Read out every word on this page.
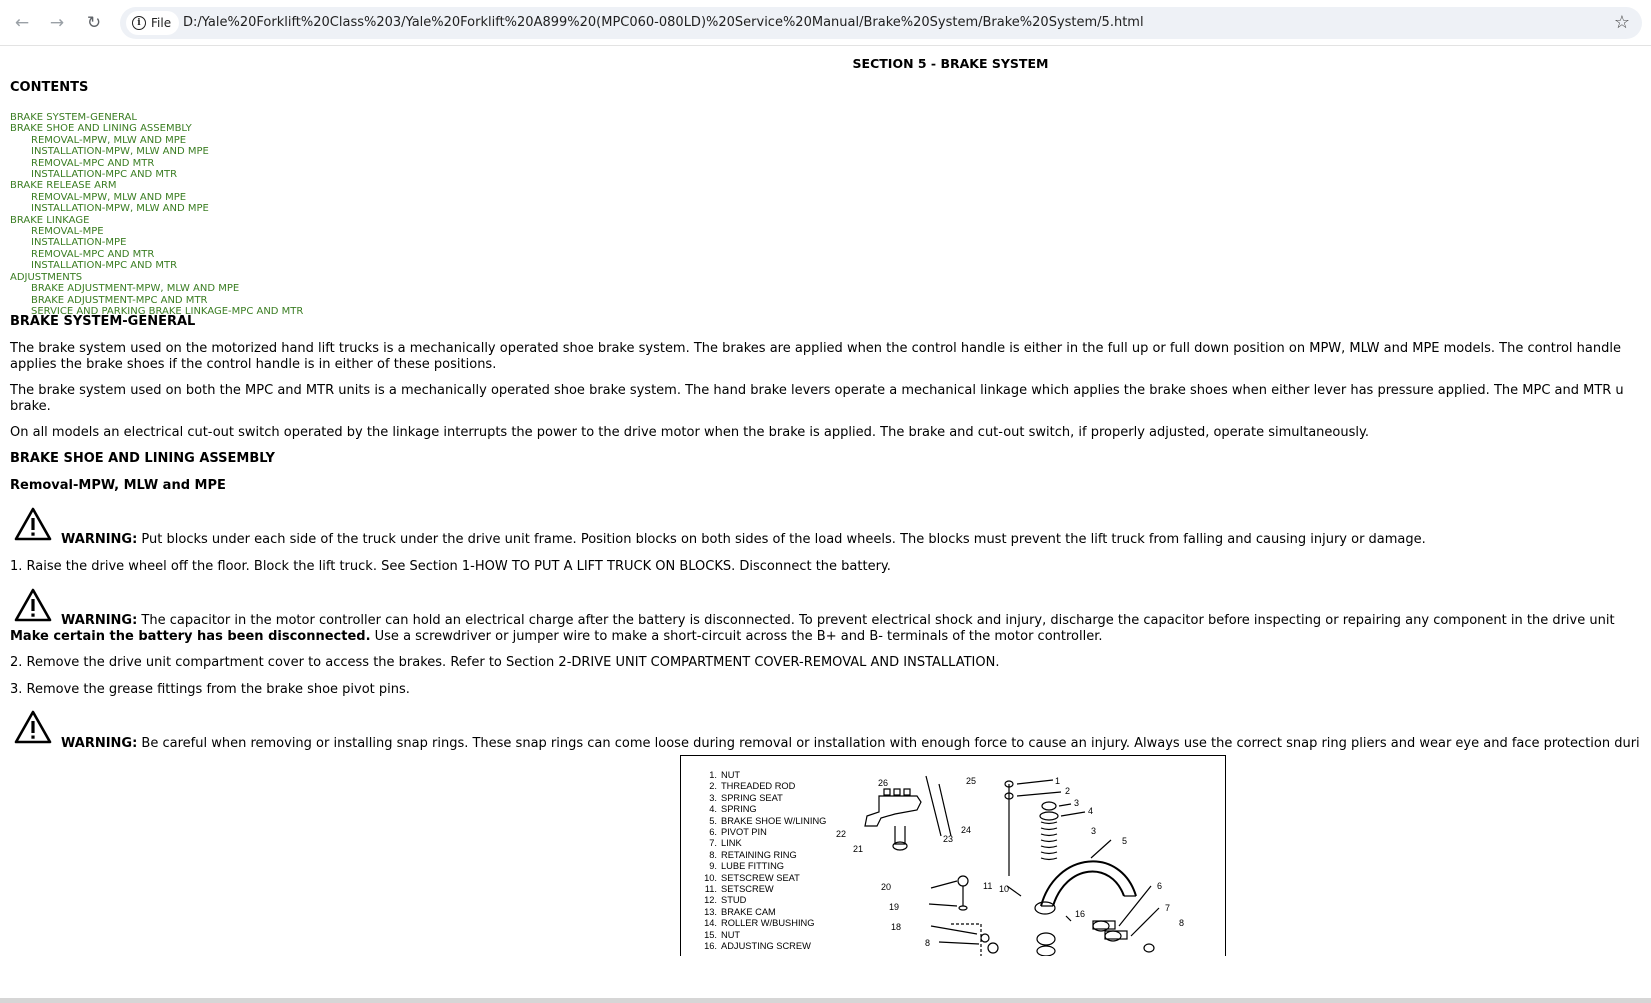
← → ↻	i File D:/Yale%20Forklift%20Class%203/Yale%20Forklift%20A899%20(MPC060-080LD)%20Service%20Manual/Brake%20System/Brake%20System/5.html	☆
SECTION 5 - BRAKE SYSTEM
CONTENTS
BRAKE SYSTEM-GENERAL
BRAKE SHOE AND LINING ASSEMBLY
REMOVAL-MPW, MLW AND MPE
INSTALLATION-MPW, MLW AND MPE
REMOVAL-MPC AND MTR
INSTALLATION-MPC AND MTR
BRAKE RELEASE ARM
REMOVAL-MPW, MLW AND MPE
INSTALLATION-MPW, MLW AND MPE
BRAKE LINKAGE
REMOVAL-MPE
INSTALLATION-MPE
REMOVAL-MPC AND MTR
INSTALLATION-MPC AND MTR
ADJUSTMENTS
BRAKE ADJUSTMENT-MPW, MLW AND MPE
BRAKE ADJUSTMENT-MPC AND MTR
SERVICE AND PARKING BRAKE LINKAGE-MPC AND MTR
BRAKE SYSTEM-GENERAL
The brake system used on the motorized hand lift trucks is a mechanically operated shoe brake system. The brakes are applied when the control handle is either in the full up or full down position on MPW, MLW and MPE models. The control handle
applies the brake shoes if the control handle is in either of these positions.
The brake system used on both the MPC and MTR units is a mechanically operated shoe brake system. The hand brake levers operate a mechanical linkage which applies the brake shoes when either lever has pressure applied. The MPC and MTR u
brake.
On all models an electrical cut-out switch operated by the linkage interrupts the power to the drive motor when the brake is applied. The brake and cut-out switch, if properly adjusted, operate simultaneously.
BRAKE SHOE AND LINING ASSEMBLY
Removal-MPW, MLW and MPE
WARNING: Put blocks under each side of the truck under the drive unit frame. Position blocks on both sides of the load wheels. The blocks must prevent the lift truck from falling and causing injury or damage.
1. Raise the drive wheel off the floor. Block the lift truck. See Section 1-HOW TO PUT A LIFT TRUCK ON BLOCKS. Disconnect the battery.
WARNING: The capacitor in the motor controller can hold an electrical charge after the battery is disconnected. To prevent electrical shock and injury, discharge the capacitor before inspecting or repairing any component in the drive unit
Make certain the battery has been disconnected. Use a screwdriver or jumper wire to make a short-circuit across the B+ and B- terminals of the motor controller.
2. Remove the drive unit compartment cover to access the brakes. Refer to Section 2-DRIVE UNIT COMPARTMENT COVER-REMOVAL AND INSTALLATION.
3. Remove the grease fittings from the brake shoe pivot pins.
WARNING: Be careful when removing or installing snap rings. These snap rings can come loose during removal or installation with enough force to cause an injury. Always use the correct snap ring pliers and wear eye and face protection duri
1. NUT
2. THREADED ROD
3. SPRING SEAT
4. SPRING
5. BRAKE SHOE W/LINING
6. PIVOT PIN
7. LINK
8. RETAINING RING
9. LUBE FITTING
10. SETSCREW SEAT
11. SETSCREW
12. STUD
13. BRAKE CAM
14. ROLLER W/BUSHING
15. NUT
16. ADJUSTING SCREW
26	25	1
2
3
4
22	24
23
21
3
5
20	11 10	6
19
16
7
18
8
8
